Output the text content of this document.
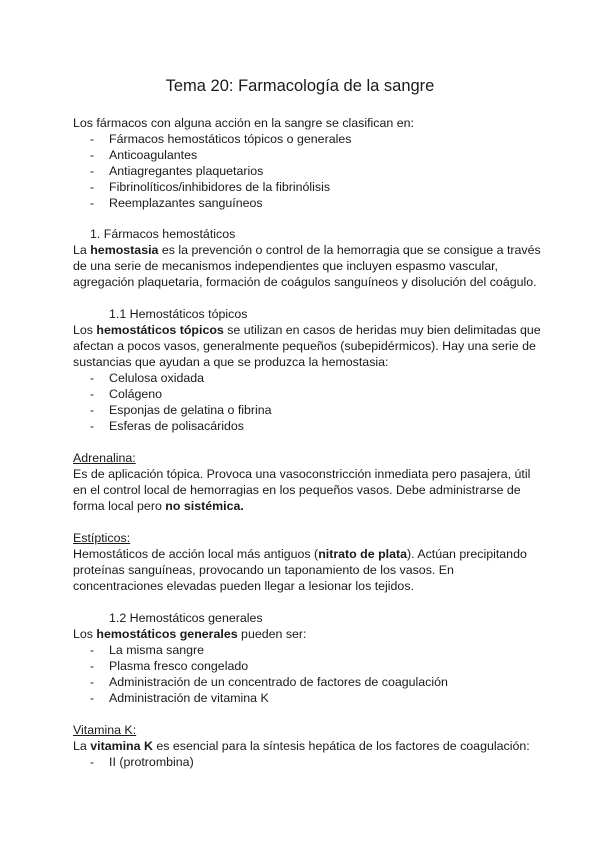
Tema 20: Farmacología de la sangre

Los fármacos con alguna acción en la sangre se clasifican en:

- Fármacos hemostáticos tópicos o generales
- Anticoagulantes
- Antiagregantes plaquetarios
- Fibrinolíticos/inhibidores de la fibrinólisis
- Reemplazantes sanguíneos

1. Fármacos hemostáticos

La hemostasia es la prevención o control de la hemorragia que se consigue a través de una serie de mecanismos independientes que incluyen espasmo vascular, agregación plaquetaria, formación de coágulos sanguíneos y disolución del coágulo.

1.1 Hemostáticos tópicos

Los hemostáticos tópicos se utilizan en casos de heridas muy bien delimitadas que afectan a pocos vasos, generalmente pequeños (subepidérmicos). Hay una serie de sustancias que ayudan a que se produzca la hemostasia:

- Celulosa oxidada
- Colágeno
- Esponjas de gelatina o fibrina
- Esferas de polisacáridos

Adrenalina:

Es de aplicación tópica. Provoca una vasoconstricción inmediata pero pasajera, útil en el control local de hemorragias en los pequeños vasos. Debe administrarse de forma local pero no sistémica.

Estípticos:

Hemostáticos de acción local más antiguos (nitrato de plata). Actúan precipitando proteínas sanguíneas, provocando un taponamiento de los vasos. En concentraciones elevadas pueden llegar a lesionar los tejidos.

1.2 Hemostáticos generales

Los hemostáticos generales pueden ser:

- La misma sangre
- Plasma fresco congelado
- Administración de un concentrado de factores de coagulación
- Administración de vitamina K

Vitamina K:

La vitamina K es esencial para la síntesis hepática de los factores de coagulación:

- II (protrombina)
